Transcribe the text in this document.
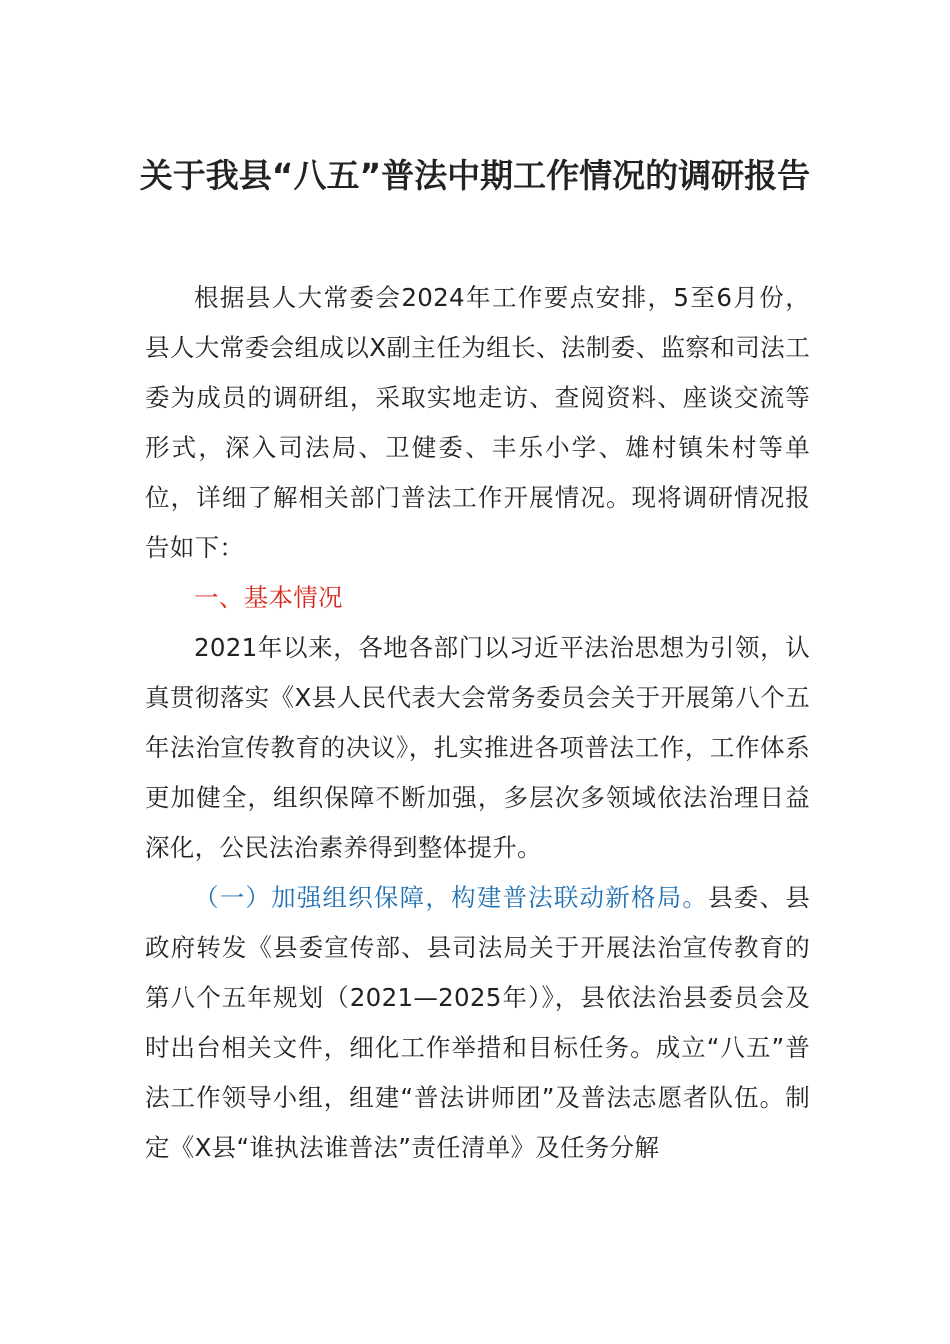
关于我县“八五”普法中期工作情况的调研报告

根据县人大常委会2024年工作要点安排，5至6月份，县人大常委会组成以X副主任为组长、法制委、监察和司法工委为成员的调研组，采取实地走访、查阅资料、座谈交流等形式，深入司法局、卫健委、丰乐小学、雄村镇朱村等单位，详细了解相关部门普法工作开展情况。现将调研情况报告如下：

一、基本情况

2021年以来，各地各部门以习近平法治思想为引领，认真贯彻落实《X县人民代表大会常务委员会关于开展第八个五年法治宣传教育的决议》，扎实推进各项普法工作，工作体系更加健全，组织保障不断加强，多层次多领域依法治理日益深化，公民法治素养得到整体提升。

（一）加强组织保障，构建普法联动新格局。县委、县政府转发《县委宣传部、县司法局关于开展法治宣传教育的第八个五年规划（2021—2025年）》，县依法治县委员会及时出台相关文件，细化工作举措和目标任务。成立“八五”普法工作领导小组，组建“普法讲师团”及普法志愿者队伍。制定《X县“谁执法谁普法”责任清单》及任务分解
